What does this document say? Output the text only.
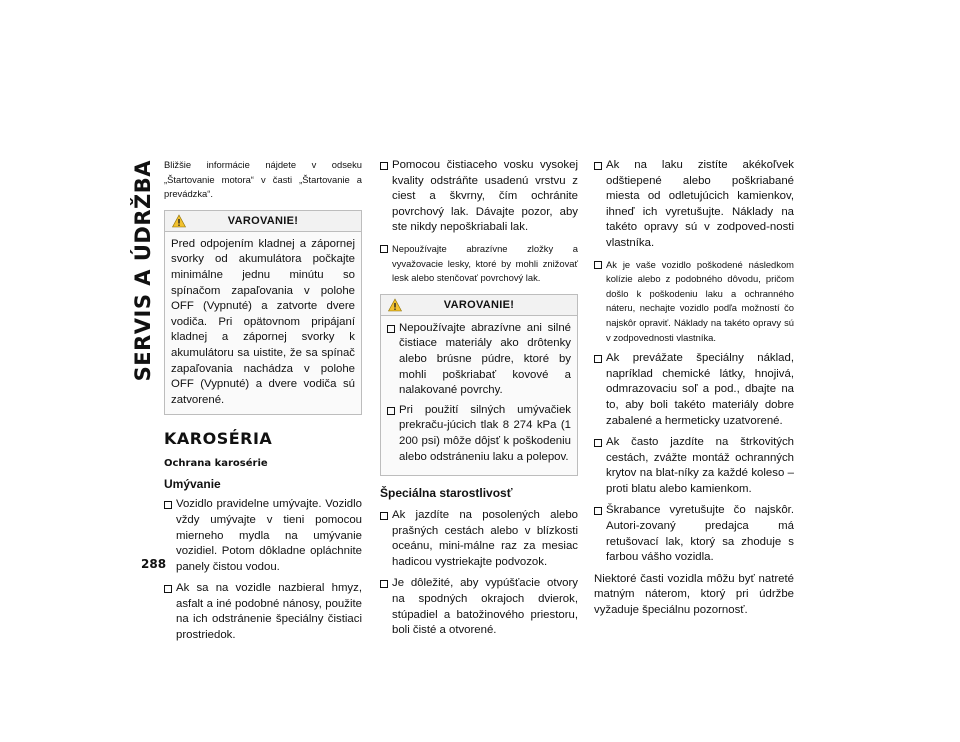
SERVIS A ÚDRŽBA
288

Bližšie informácie nájdete v odseku „Štartovanie motora“ v časti „Štartovanie a prevádzka“.

VAROVANIE!

Pred odpojením kladnej a zápornej svorky od akumulátora počkajte minimálne jednu minútu so spínačom zapaľovania v polohe OFF (Vypnuté) a zatvorte dvere vodiča. Pri opätovnom pripájaní kladnej a zápornej svorky k akumulátoru sa uistite, že sa spínač zapaľovania nachádza v polohe OFF (Vypnuté) a dvere vodiča sú zatvorené.

KAROSÉRIA
Ochrana karosérie
Umývanie
Vozidlo pravidelne umývajte. Vozidlo vždy umývajte v tieni pomocou mierneho mydla na umývanie vozidiel. Potom dôkladne opláchnite panely čistou vodou.
Ak sa na vozidle nazbieral hmyz, asfalt a iné podobné nánosy, použite na ich odstránenie špeciálny čistiaci prostriedok.
Pomocou čistiaceho vosku vysokej kvality odstráňte usadenú vrstvu z ciest a škvrny, čím ochránite povrchový lak. Dávajte pozor, aby ste nikdy nepoškriabali lak.
Nepoužívajte abrazívne zložky a vyvažovacie lesky, ktoré by mohli znižovať lesk alebo stenčovať povrchový lak.
VAROVANIE!
Nepoužívajte abrazívne ani silné čistiace materiály ako drôtenky alebo brúsne púdre, ktoré by mohli poškriabať kovové a nalakované povrchy.
Pri použití silných umývačiek prekraču-júcich tlak 8 274 kPa (1 200 psi) môže dôjsť k poškodeniu alebo odstráneniu laku a polepov.
Špeciálna starostlivosť
Ak jazdíte na posolených alebo prašných cestách alebo v blízkosti oceánu, mini-málne raz za mesiac hadicou vystriekajte podvozok.
Je dôležité, aby vypúšťacie otvory na spodných okrajoch dvierok, stúpadiel a batožinového priestoru, boli čisté a otvorené.
Ak na laku zistíte akékoľvek odštiepené alebo poškriabané miesta od odletujúcich kamienkov, ihneď ich vyretušujte. Náklady na takéto opravy sú v zodpoved-nosti vlastníka.
Ak je vaše vozidlo poškodené následkom kolízie alebo z podobného dôvodu, pričom došlo k poškodeniu laku a ochranného náteru, nechajte vozidlo podľa možností čo najskôr opraviť. Náklady na takéto opravy sú v zodpovednosti vlastníka.
Ak prevážate špeciálny náklad, napríklad chemické látky, hnojivá, odmrazovaciu soľ a pod., dbajte na to, aby boli takéto materiály dobre zabalené a hermeticky uzatvorené.
Ak často jazdíte na štrkovitých cestách, zvážte montáž ochranných krytov na blat-níky za každé koleso – proti blatu alebo kamienkom.
Škrabance vyretušujte čo najskôr. Autori-zovaný predajca má retušovací lak, ktorý sa zhoduje s farbou vášho vozidla.

Niektoré časti vozidla môžu byť natreté matným náterom, ktorý pri údržbe vyžaduje špeciálnu pozornosť.
